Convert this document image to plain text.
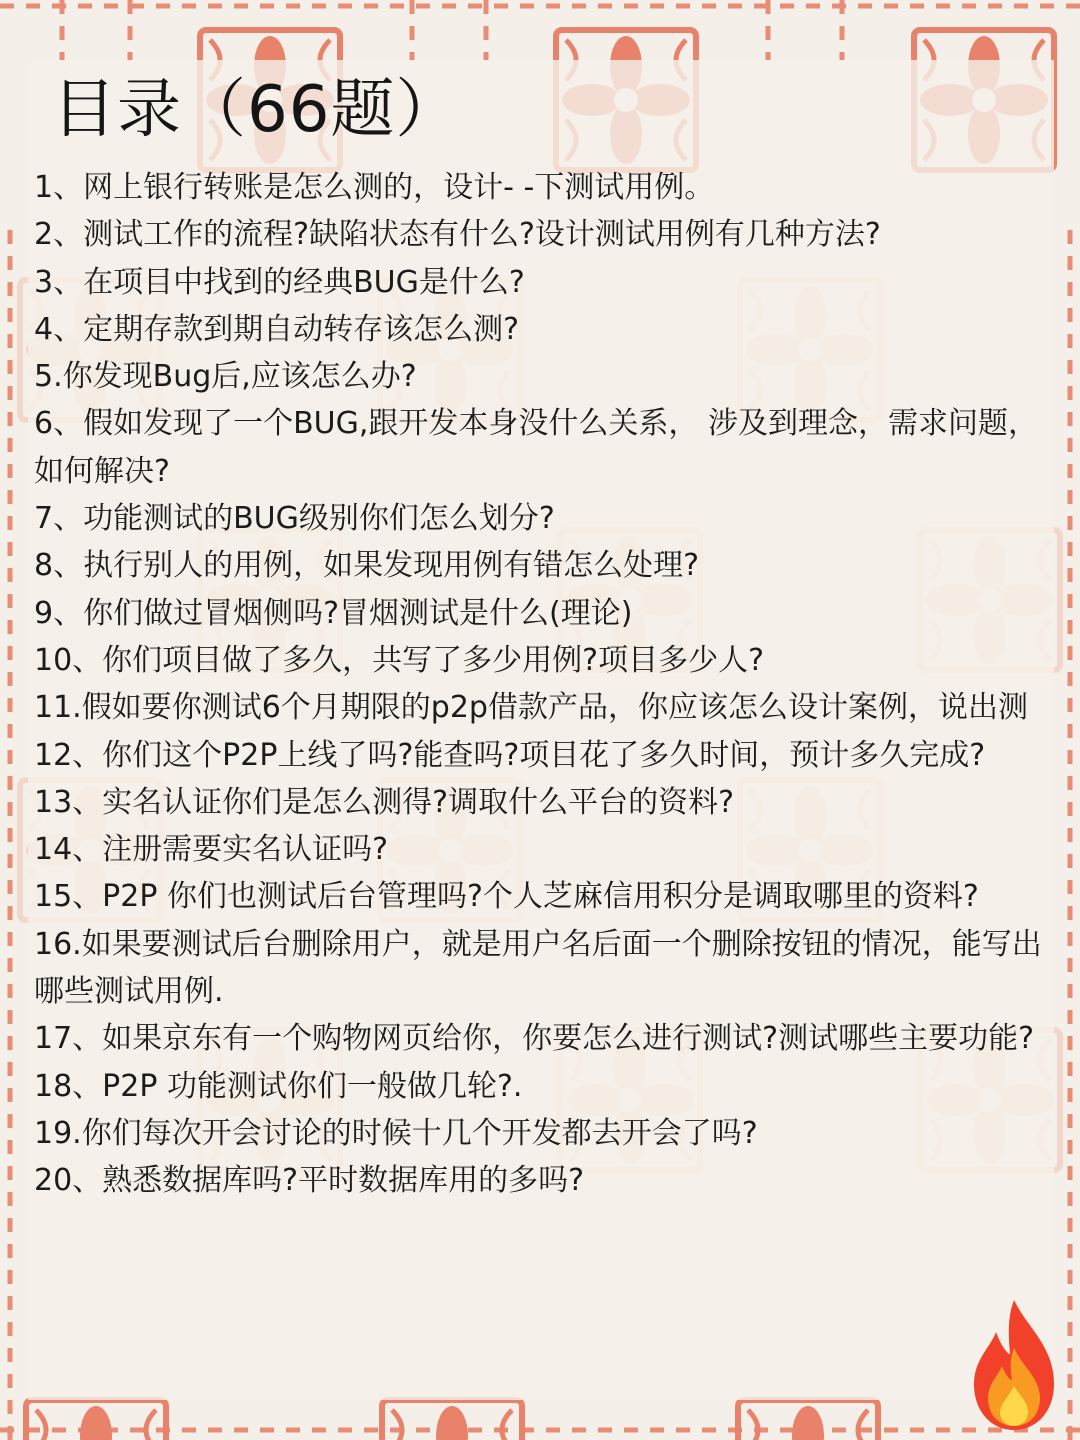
目录（66题）
1、网上银行转账是怎么测的，设计- -下测试用例。
2、测试工作的流程?缺陷状态有什么?设计测试用例有几种方法?
3、在项目中找到的经典BUG是什么?
4、定期存款到期自动转存该怎么测?
5.你发现Bug后,应该怎么办?
6、假如发现了一个BUG,跟开发本身没什么关系， 涉及到理念，需求问题， 如何解决?
7、功能测试的BUG级别你们怎么划分?
8、执行别人的用例，如果发现用例有错怎么处理?
9、你们做过冒烟侧吗?冒烟测试是什么(理论)
10、你们项目做了多久，共写了多少用例?项目多少人?
11.假如要你测试6个月期限的p2p借款产品，你应该怎么设计案例，说出测
12、你们这个P2P上线了吗?能查吗?项目花了多久时间，预计多久完成?
13、实名认证你们是怎么测得?调取什么平台的资料?
14、注册需要实名认证吗?
15、P2P 你们也测试后台管理吗?个人芝麻信用积分是调取哪里的资料?
16.如果要测试后台删除用户，就是用户名后面一个删除按钮的情况，能写出哪些测试用例.
17、如果京东有一个购物网页给你，你要怎么进行测试?测试哪些主要功能?
18、P2P 功能测试你们一般做几轮?.
19.你们每次开会讨论的时候十几个开发都去开会了吗?
20、熟悉数据库吗?平时数据库用的多吗?
